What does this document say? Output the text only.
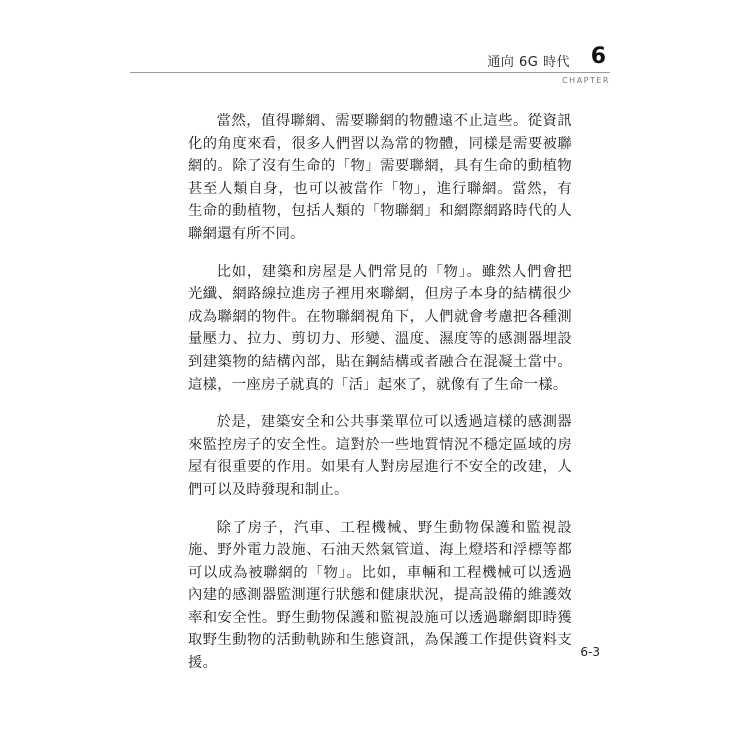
通向 6G 時代 6
CHAPTER

當然，值得聯網、需要聯網的物體遠不止這些。從資訊化的角度來看，很多人們習以為常的物體，同樣是需要被聯網的。除了沒有生命的「物」需要聯網，具有生命的動植物甚至人類自身，也可以被當作「物」，進行聯網。當然，有生命的動植物，包括人類的「物聯網」和網際網路時代的人聯網還有所不同。

比如，建築和房屋是人們常見的「物」。雖然人們會把光纖、網路線拉進房子裡用來聯網，但房子本身的結構很少成為聯網的物件。在物聯網視角下，人們就會考慮把各種測量壓力、拉力、剪切力、形變、溫度、濕度等的感測器埋設到建築物的結構內部，貼在鋼結構或者融合在混凝土當中。這樣，一座房子就真的「活」起來了，就像有了生命一樣。

於是，建築安全和公共事業單位可以透過這樣的感測器來監控房子的安全性。這對於一些地質情況不穩定區域的房屋有很重要的作用。如果有人對房屋進行不安全的改建，人們可以及時發現和制止。

除了房子，汽車、工程機械、野生動物保護和監視設施、野外電力設施、石油天然氣管道、海上燈塔和浮標等都可以成為被聯網的「物」。比如，車輛和工程機械可以透過內建的感測器監測運行狀態和健康狀況，提高設備的維護效率和安全性。野生動物保護和監視設施可以透過聯網即時獲取野生動物的活動軌跡和生態資訊，為保護工作提供資料支援。

6-3
